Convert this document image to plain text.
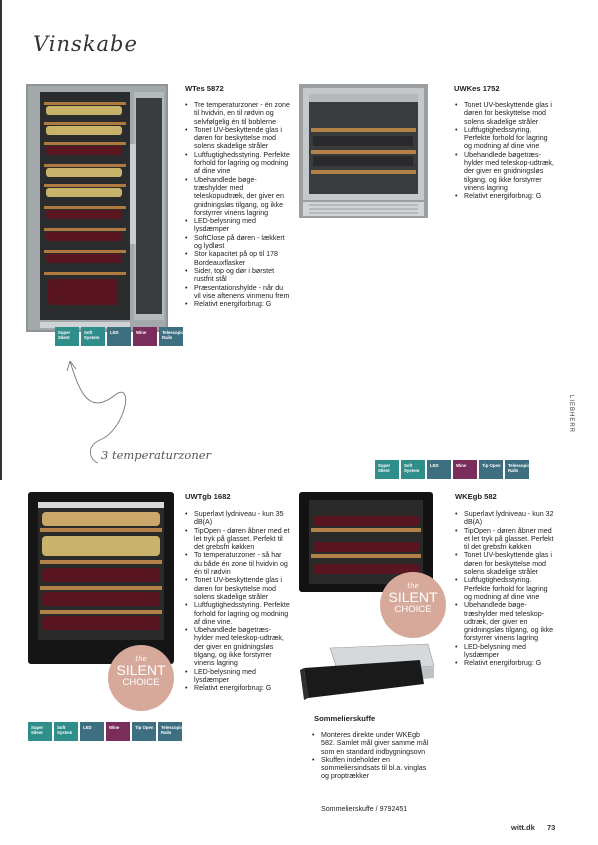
Vinskabe
Super Silent
Soft System
LED	Wine	Telescopic Rails
3 temperaturzoner
WTes 5872
• Tre temperaturzoner - én zone til hvidvin, en til rødvin og selvfølgelig én til boblerne
• Tonet UV-beskyttende glas i døren for beskyttelse mod solens skadelige stråler
• Luftfugtighedsstyring. Perfekte forhold for lagring og modning af dine vine
• Ubehandlede bøge-træshylder med teleskopudtræk, der giver en gnidningsløs tilgang, og ikke forstyrrer vinens lagring
• LED-belysning med lysdæmper
• SoftClose på døren - lækkert og lydløst
• Stor kapacitet på op til 178 Bordeauxflasker
• Sider, top og dør i børstet rustfrit stål
• Præsentationshylde - når du vil vise aftenens vinmenu frem
• Relativt energiforbrug: G
UWKes 1752
• Tonet UV-beskyttende glas i døren for beskyttelse mod solens skadelige stråler
• Luftfugtighedsstyring. Perfekte forhold for lagring og modning af dine vine
• Ubehandlede bøgetræs-hylder med teleskop-udtræk, der giver en gnidningsløs tilgang, og ikke forstyrrer vinens lagring
• Relativt energiforbrug: G
LIEBHERR
Super Silent
Soft System
LED	Wine	Tip Open	Telescopic Rails
the
SILENT
CHOICE
Super Silent
Soft System
LED	Wine	Tip Open	Telescopic Rails
UWTgb 1682
• Superlavt lydniveau - kun 35 dB(A)
• TipOpen - døren åbner med et let tryk på glasset. Perfekt til det grebsfri køkken
• To temperaturzoner - så har du både én zone til hvidvin og én til rødvin
• Tonet UV-beskyttende glas i døren for beskyttelse mod solens skadelige stråler
• Luftfugtighedsstyring. Perfekte forhold for lagring og modning af dine vine.
• Ubehandlede bøgetræs-hylder med teleskop-udtræk, der giver en gnidningsløs tilgang, og ikke forstyrrer vinens lagring
• LED-belysning med lysdæmper
• Relativt energiforbrug: G
the
SILENT
CHOICE
WKEgb 582
• Superlavt lydniveau - kun 32 dB(A)
• TipOpen - døren åbner med et let tryk på glasset. Perfekt til det grebsfri køkken
• Tonet UV-beskyttende glas i døren for beskyttelse mod solens skadelige stråler
• Luftfugtighedsstyring. Perfekte forhold for lagring og modning af dine vine
• Ubehandlede bøge-træshylder med teleskop-udtræk, der giver en gnidningsløs tilgang, og ikke forstyrrer vinens lagring
• LED-belysning med lysdæmper
• Relativt energiforbrug: G
Sommelierskuffe
• Monteres direkte under WKEgb 582. Samlet mål giver samme mål som en standard indbygningsovn
• Skuffen indeholder en sommeliersindsats til bl.a. vinglas og proptrækker
Sommelierskuffe / 9792451
witt.dk 73
